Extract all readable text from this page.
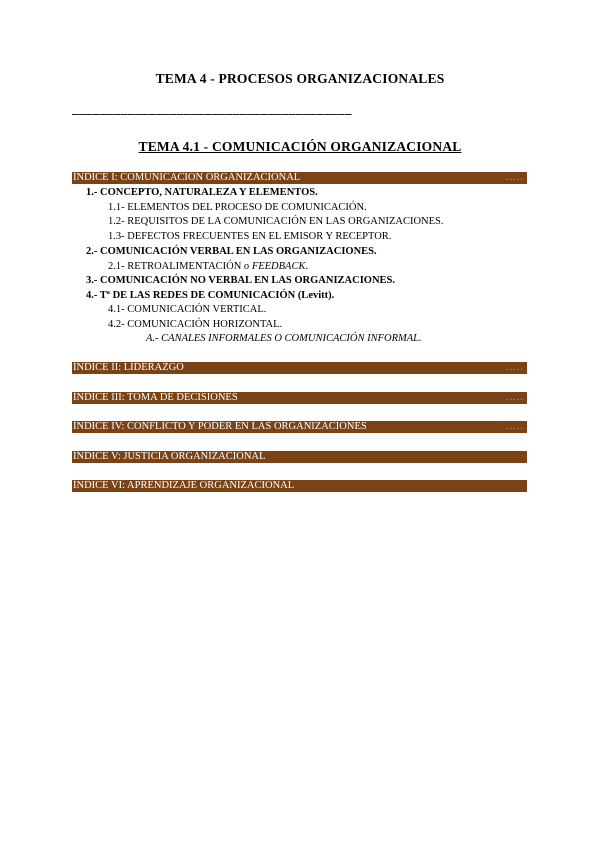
TEMA 4 - PROCESOS ORGANIZACIONALES
________________________________________
TEMA 4.1 - COMUNICACIÓN ORGANIZACIONAL
ÍNDICE I: COMUNICACIÓN ORGANIZACIONAL	.....
1.- CONCEPTO, NATURALEZA Y ELEMENTOS.
1.1- ELEMENTOS DEL PROCESO DE COMUNICACIÓN.
1.2- REQUISITOS DE LA COMUNICACIÓN EN LAS ORGANIZACIONES.
1.3- DEFECTOS FRECUENTES EN EL EMISOR Y RECEPTOR.
2.- COMUNICACIÓN VERBAL EN LAS ORGANIZACIONES.
2.1- RETROALIMENTACIÓN o FEEDBACK.
3.- COMUNICACIÓN NO VERBAL EN LAS ORGANIZACIONES.
4.- Tª DE LAS REDES DE COMUNICACIÓN (Levitt).
4.1- COMUNICACIÓN VERTICAL.
4.2- COMUNICACIÓN HORIZONTAL.
A.- CANALES INFORMALES O COMUNICACIÓN INFORMAL.
ÍNDICE II: LIDERAZGO	.....
ÍNDICE III: TOMA DE DECISIONES	.....
ÍNDICE IV: CONFLICTO Y PODER EN LAS ORGANIZACIONES	.....
ÍNDICE V: JUSTICIA ORGANIZACIONAL
ÍNDICE VI: APRENDIZAJE ORGANIZACIONAL
